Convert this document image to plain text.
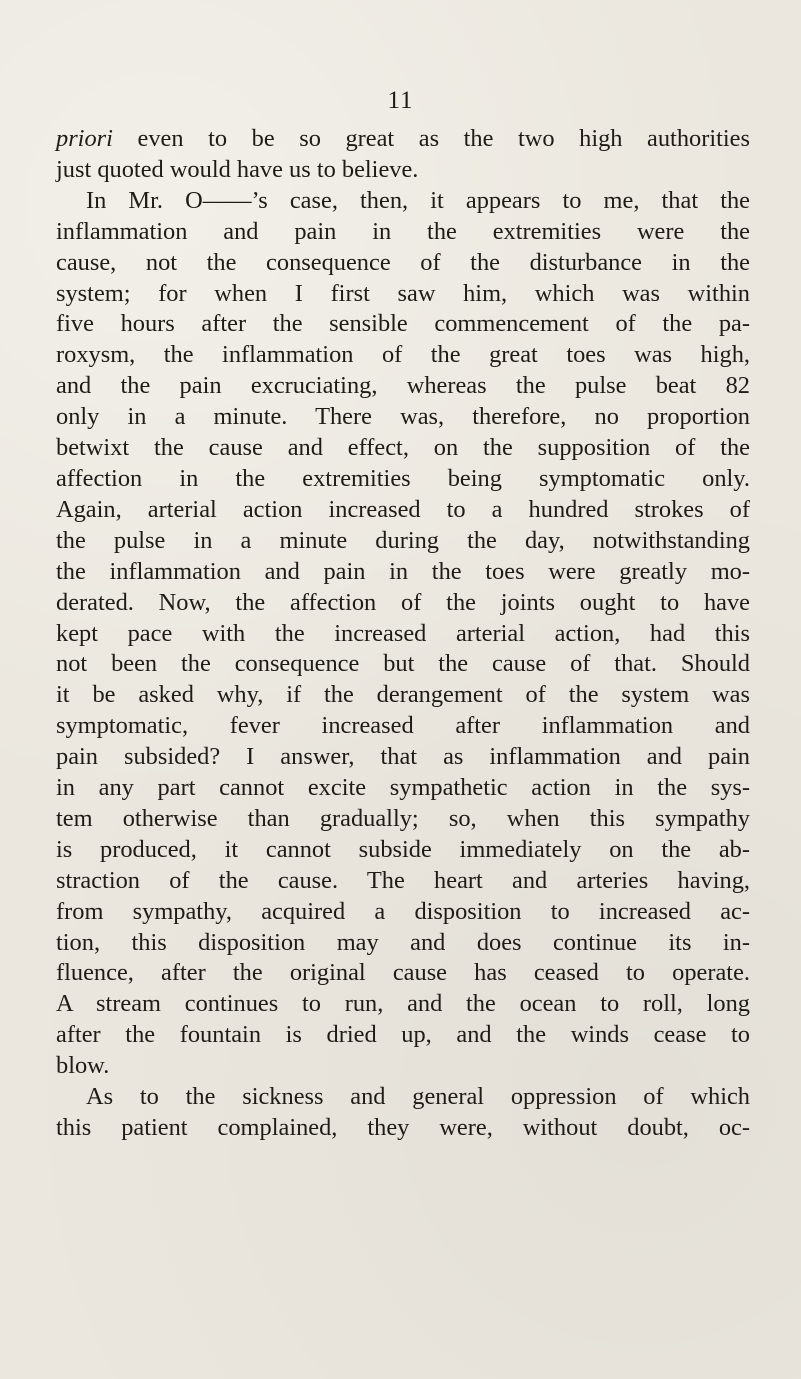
11
priori even to be so great as the two high authorities
just quoted would have us to believe.
In Mr. O——’s case, then, it appears to me, that the
inflammation and pain in the extremities were the
cause, not the consequence of the disturbance in the
system; for when I first saw him, which was within
five hours after the sensible commencement of the pa-
roxysm, the inflammation of the great toes was high,
and the pain excruciating, whereas the pulse beat 82
only in a minute. There was, therefore, no proportion
betwixt the cause and effect, on the supposition of the
affection in the extremities being symptomatic only.
Again, arterial action increased to a hundred strokes of
the pulse in a minute during the day, notwithstanding
the inflammation and pain in the toes were greatly mo-
derated. Now, the affection of the joints ought to have
kept pace with the increased arterial action, had this
not been the consequence but the cause of that. Should
it be asked why, if the derangement of the system was
symptomatic, fever increased after inflammation and
pain subsided? I answer, that as inflammation and pain
in any part cannot excite sympathetic action in the sys-
tem otherwise than gradually; so, when this sympathy
is produced, it cannot subside immediately on the ab-
straction of the cause. The heart and arteries having,
from sympathy, acquired a disposition to increased ac-
tion, this disposition may and does continue its in-
fluence, after the original cause has ceased to operate.
A stream continues to run, and the ocean to roll, long
after the fountain is dried up, and the winds cease to
blow.
As to the sickness and general oppression of which
this patient complained, they were, without doubt, oc-
